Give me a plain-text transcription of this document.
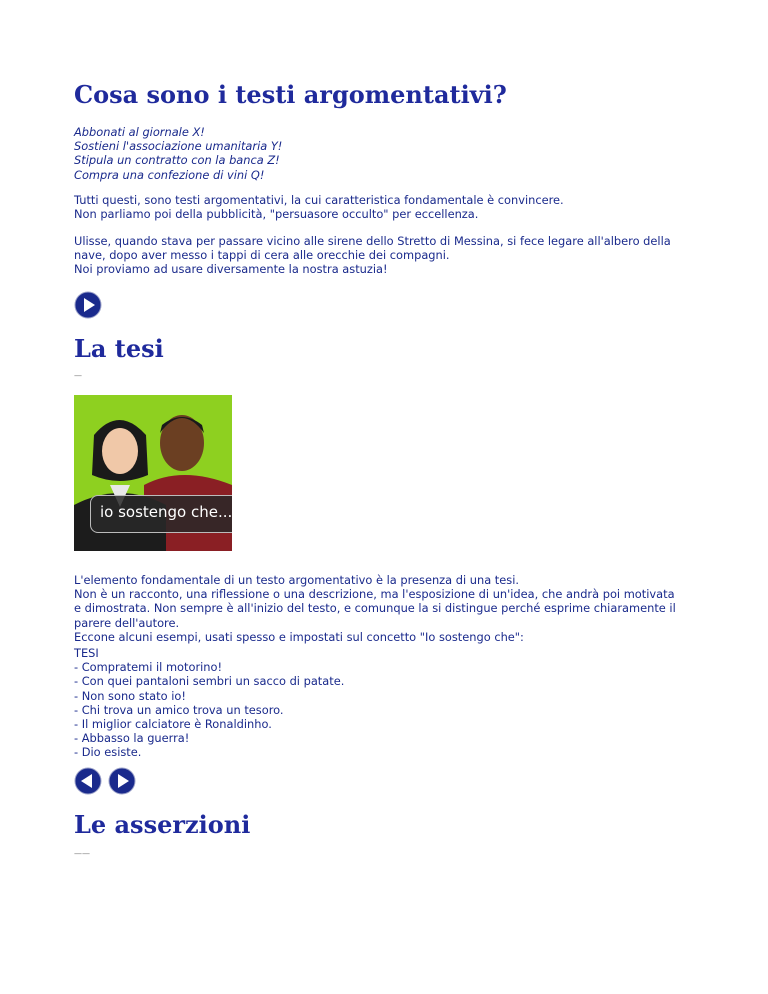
Cosa sono i testi argomentativi?
Abbonati al giornale X!
Sostieni l'associazione umanitaria Y!
Stipula un contratto con la banca Z!
Compra una confezione di vini Q!
Tutti questi, sono testi argomentativi, la cui caratteristica fondamentale è convincere.
Non parliamo poi della pubblicità, "persuasore occulto" per eccellenza.
Ulisse, quando stava per passare vicino alle sirene dello Stretto di Messina, si fece legare all'albero della
nave, dopo aver messo i tappi di cera alle orecchie dei compagni.
Noi proviamo ad usare diversamente la nostra astuzia!
La tesi
—
io sostengo che...
L'elemento fondamentale di un testo argomentativo è la presenza di una tesi.
Non è un racconto, una riflessione o una descrizione, ma l'esposizione di un'idea, che andrà poi motivata
e dimostrata. Non sempre è all'inizio del testo, e comunque la si distingue perché esprime chiaramente il
parere dell'autore.
Eccone alcuni esempi, usati spesso e impostati sul concetto "Io sostengo che":
TESI
- Compratemi il motorino!
- Con quei pantaloni sembri un sacco di patate.
- Non sono stato io!
- Chi trova un amico trova un tesoro.
- Il miglior calciatore è Ronaldinho.
- Abbasso la guerra!
- Dio esiste.
Le asserzioni
——
